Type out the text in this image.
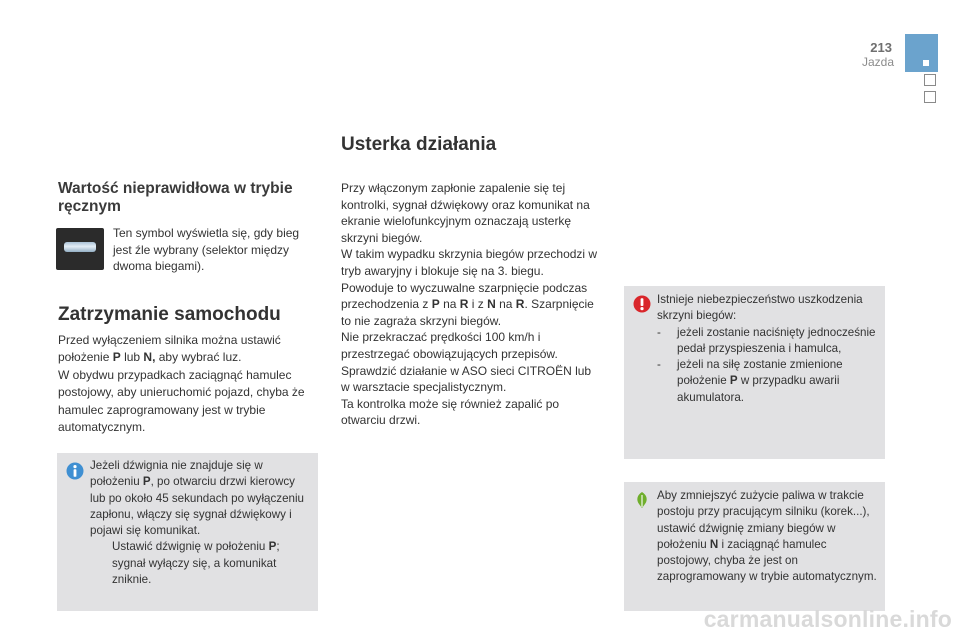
213
Jazda
Wartość nieprawidłowa w trybie ręcznym
Ten symbol wyświetla się, gdy bieg jest źle wybrany (selektor między dwoma biegami).
Zatrzymanie samochodu
Przed wyłączeniem silnika można ustawić położenie P lub N, aby wybrać luz.
W obydwu przypadkach zaciągnąć hamulec postojowy, aby unieruchomić pojazd, chyba że hamulec zaprogramowany jest w trybie automatycznym.
Jeżeli dźwignia nie znajduje się w położeniu P, po otwarciu drzwi kierowcy lub po około 45 sekundach po wyłączeniu zapłonu, włączy się sygnał dźwiękowy i pojawi się komunikat.
Ustawić dźwignię w położeniu P; sygnał wyłączy się, a komunikat zniknie.
Usterka działania
Przy włączonym zapłonie zapalenie się tej kontrolki, sygnał dźwiękowy oraz komunikat na ekranie wielofunkcyjnym oznaczają usterkę skrzyni biegów.
W takim wypadku skrzynia biegów przechodzi w tryb awaryjny i blokuje się na 3. biegu.
Powoduje to wyczuwalne szarpnięcie podczas przechodzenia z P na R i z N na R. Szarpnięcie to nie zagraża skrzyni biegów.
Nie przekraczać prędkości 100 km/h i przestrzegać obowiązujących przepisów.
Sprawdzić działanie w ASO sieci CITROËN lub w warsztacie specjalistycznym.
Ta kontrolka może się również zapalić po otwarciu drzwi.
Istnieje niebezpieczeństwo uszkodzenia skrzyni biegów:
-	jeżeli zostanie naciśnięty jednocześnie pedał przyspieszenia i hamulca,
-	jeżeli na siłę zostanie zmienione położenie P w przypadku awarii akumulatora.
Aby zmniejszyć zużycie paliwa w trakcie postoju przy pracującym silniku (korek...), ustawić dźwignię zmiany biegów w położeniu N i zaciągnąć hamulec postojowy, chyba że jest on zaprogramowany w trybie automatycznym.
carmanualsonline.info
